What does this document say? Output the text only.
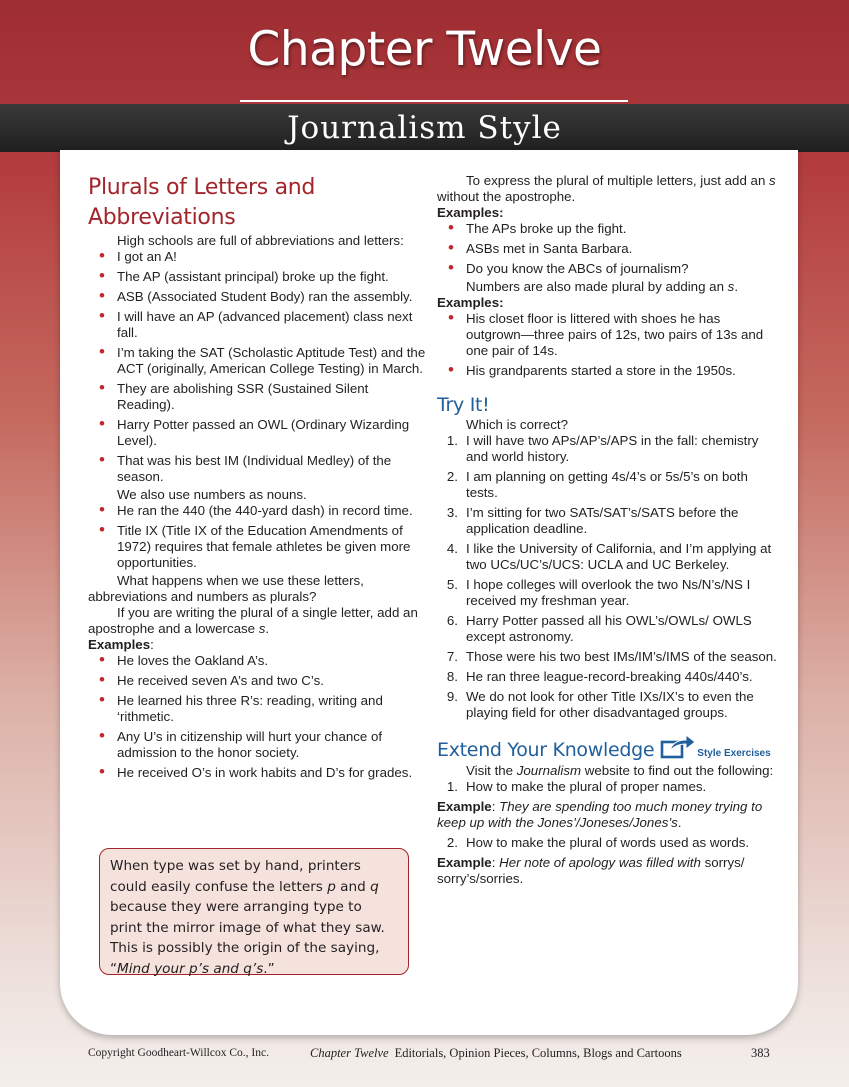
Chapter Twelve
Journalism Style
Plurals of Letters and
Abbreviations

High schools are full of abbreviations and letters:

• I got an A!
• The AP (assistant principal) broke up the fight.
• ASB (Associated Student Body) ran the assembly.
• I will have an AP (advanced placement) class next fall.
• I’m taking the SAT (Scholastic Aptitude Test) and the ACT (originally, American College Testing) in March.
• They are abolishing SSR (Sustained Silent Reading).
• Harry Potter passed an OWL (Ordinary Wizarding Level).
• That was his best IM (Individual Medley) of the season.

We also use numbers as nouns.

• He ran the 440 (the 440-yard dash) in record time.
• Title IX (Title IX of the Education Amendments of 1972) requires that female athletes be given more opportunities.

What happens when we use these letters, abbreviations and numbers as plurals?

If you are writing the plural of a single letter, add an apostrophe and a lowercase s.

Examples:

• He loves the Oakland A’s.
• He received seven A’s and two C’s.
• He learned his three R’s: reading, writing and ‘rithmetic.
• Any U’s in citizenship will hurt your chance of admission to the honor society.
• He received O’s in work habits and D’s for grades.
When type was set by hand, printers could easily confuse the letters p and q because they were arranging type to print the mirror image of what they saw. This is possibly the origin of the saying, “Mind your p’s and q’s.”

To express the plural of multiple letters, just add an s without the apostrophe.

Examples:

• The APs broke up the fight.
• ASBs met in Santa Barbara.
• Do you know the ABCs of journalism?

Numbers are also made plural by adding an s.

Examples:

• His closet floor is littered with shoes he has outgrown—three pairs of 12s, two pairs of 13s and one pair of 14s.
• His grandparents started a store in the 1950s.
Try It!

Which is correct?

1. I will have two APs/AP’s/APS in the fall: chemistry and world history.
2. I am planning on getting 4s/4’s or 5s/5’s on both tests.
3. I’m sitting for two SATs/SAT’s/SATS before the application deadline.
4. I like the University of California, and I’m applying at two UCs/UC’s/UCS: UCLA and UC Berkeley.
5. I hope colleges will overlook the two Ns/N’s/NS I received my freshman year.
6. Harry Potter passed all his OWL’s/OWLs/ OWLS except astronomy.
7. Those were his two best IMs/IM’s/IMS of the season.
8. He ran three league-record-breaking 440s/440’s.
9. We do not look for other Title IXs/IX’s to even the playing field for other disadvantaged groups.
Extend Your Knowledge	Style Exercises

Visit the Journalism website to find out the following:

1. How to make the plural of proper names.

Example: They are spending too much money trying to keep up with the Jones’/Joneses/Jones’s.

2. How to make the plural of words used as words.

Example: Her note of apology was filled with sorrys/ sorry’s/sorries.

Copyright Goodheart-Willcox Co., Inc.	Chapter Twelve Editorials, Opinion Pieces, Columns, Blogs and Cartoons	383
